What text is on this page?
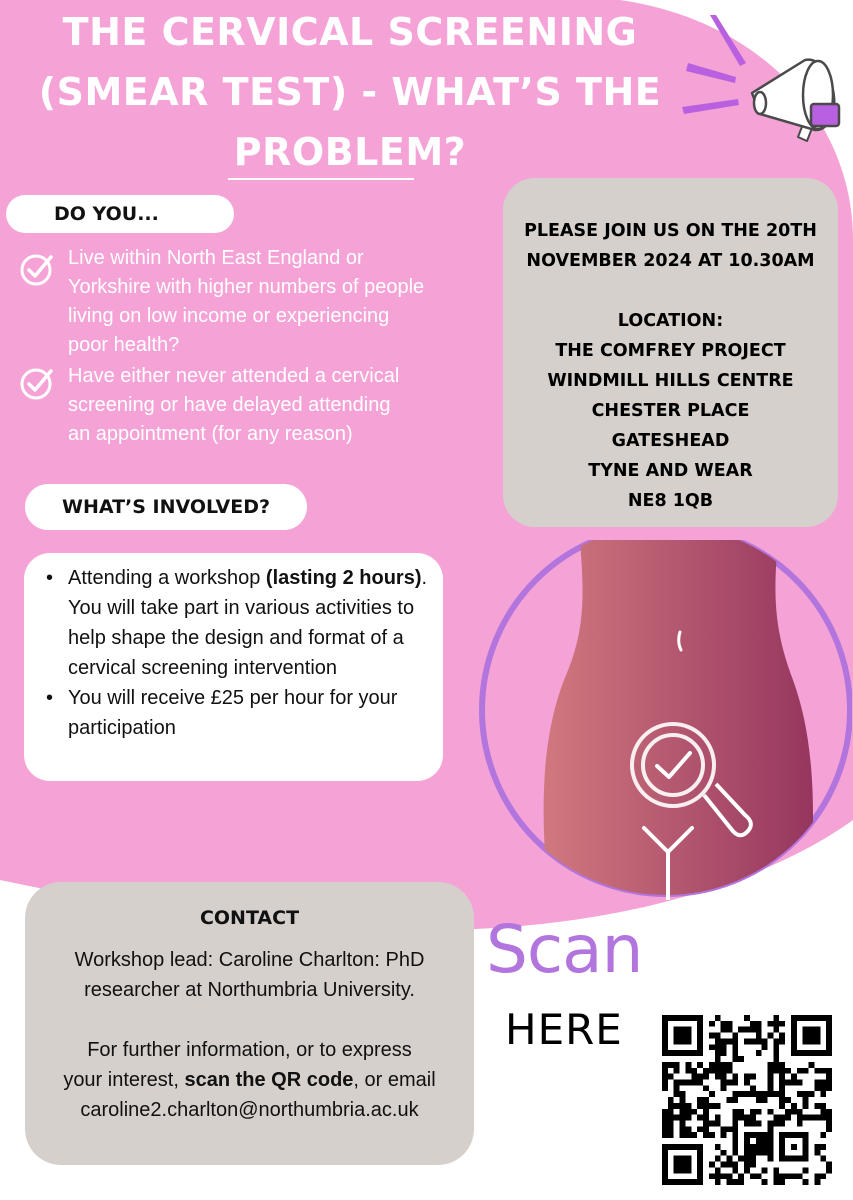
THE CERVICAL SCREENING
(SMEAR TEST) - WHAT’S THE
PROBLEM?
DO YOU...
Live within North East England or
Yorkshire with higher numbers of people
living on low income or experiencing
poor health?
Have either never attended a cervical
screening or have delayed attending
an appointment (for any reason)
WHAT’S INVOLVED?
• Attending a workshop (lasting 2 hours). You will take part in various activities to help shape the design and format of a cervical screening intervention
• You will receive £25 per hour for your participation
PLEASE JOIN US ON THE 20TH
NOVEMBER 2024 AT 10.30AM
LOCATION:
THE COMFREY PROJECT
WINDMILL HILLS CENTRE
CHESTER PLACE
GATESHEAD
TYNE AND WEAR
NE8 1QB
CONTACT
Workshop lead: Caroline Charlton: PhD
researcher at Northumbria University.
For further information, or to express
your interest, scan the QR code, or email
caroline2.charlton@northumbria.ac.uk
Scan
HERE
